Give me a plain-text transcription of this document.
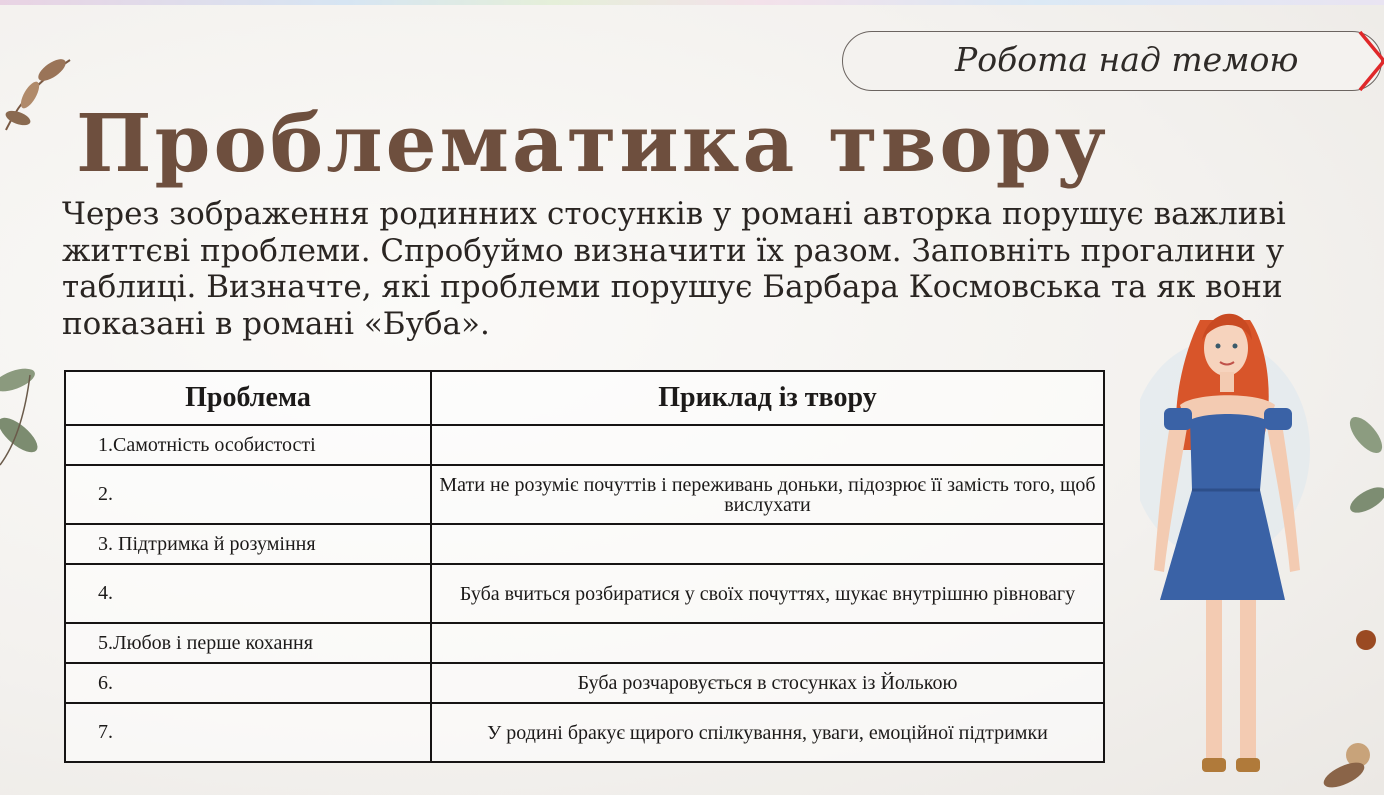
Робота над темою
Проблематика твору
Через зображення родинних стосунків у романі авторка порушує важливі життєві проблеми. Спробуймо визначити їх разом. Заповніть прогалини у таблиці. Визначте, які проблеми порушує Барбара Космовська та як вони показані в романі «Буба».
Проблема	Приклад із твору
1.Самотність особистості	
2.	Мати не розуміє почуттів і переживань доньки, підозрює її замість того, щоб вислухати
3. Підтримка й розуміння	
4.	Буба вчиться розбиратися у своїх почуттях, шукає внутрішню рівновагу
5.Любов і перше кохання	
6.	Буба розчаровується в стосунках із Йолькою
7.	У родині бракує щирого спілкування, уваги, емоційної підтримки
